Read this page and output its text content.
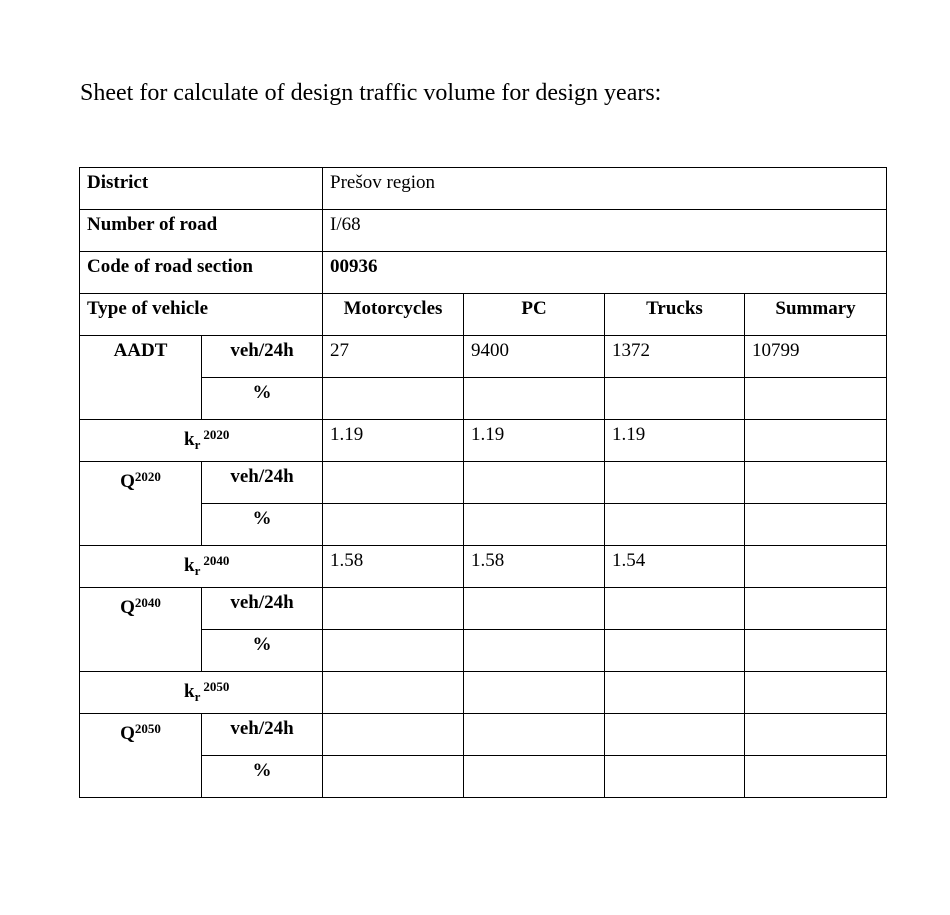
Sheet for calculate of design traffic volume for design years:
District		Prešov region			
Number of road		I/68			
Code of road section		00936			
Type of vehicle		Motorcycles	PC	Trucks	Summary
AADT	veh/24h	27	9400	1372	10799
	%				
$k_r^{2020}$		1.19	1.19	1.19	
$Q^{2020}$	veh/24h				
	%				
$k_r^{2040}$		1.58	1.58	1.54	
$Q^{2040}$	veh/24h				
	%				
$k_r^{2050}$				
$Q^{2050}$	veh/24h				
	%				
